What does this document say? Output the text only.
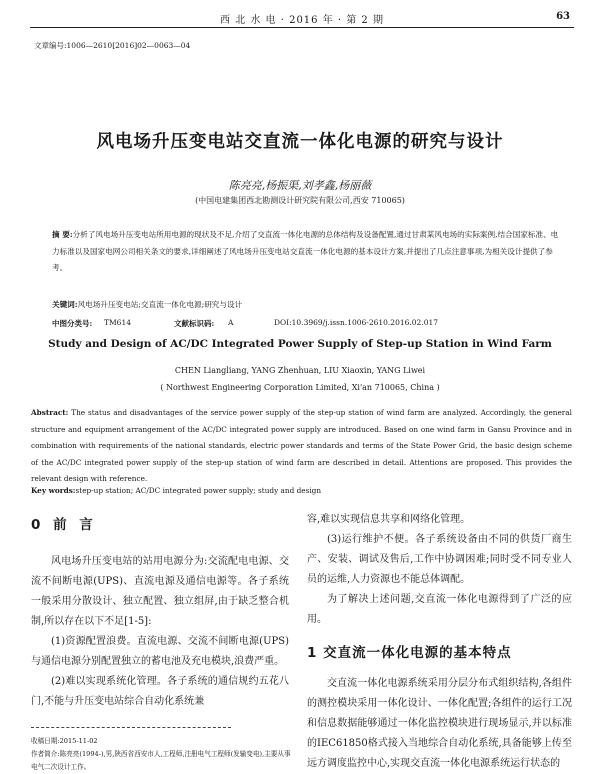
西 北 水 电 · 2016 年 · 第 2 期	63
文章编号:1006—2610[2016]02—0063—04
风电场升压变电站交直流一体化电源的研究与设计
陈亮亮,杨振渠,刘孝鑫,杨丽薇
(中国电建集团西北勘测设计研究院有限公司,西安 710065)
摘 要:分析了风电场升压变电站所用电源的现状及不足,介绍了交直流一体化电源的总体结构及设备配置,通过甘肃某风电场的实际案例,结合国家标准、电力标准以及国家电网公司相关条文的要求,详细阐述了风电场升压变电站交直流一体化电源的基本设计方案,并提出了几点注意事项,为相关设计提供了参考。
关键词:风电场升压变电站;交直流一体化电源;研究与设计
中图分类号: TM614	文献标识码: A	DOI:10.3969/j.issn.1006-2610.2016.02.017
Study and Design of AC/DC Integrated Power Supply of Step-up Station in Wind Farm
CHEN Liangliang, YANG Zhenhuan, LIU Xiaoxin, YANG Liwei
( Northwest Engineering Corporation Limited, Xi'an 710065, China )
Abstract: The status and disadvantages of the service power supply of the step-up station of wind farm are analyzed. Accordingly, the general structure and equipment arrangement of the AC/DC integrated power supply are introduced. Based on one wind farm in Gansu Province and in combination with requirements of the national standards, electric power standards and terms of the State Power Grid, the basic design scheme of the AC/DC integrated power supply of the step-up station of wind farm are described in detail. Attentions are proposed. This provides the relevant design with reference.
Key words:step-up station; AC/DC integrated power supply; study and design
0 前 言

风电场升压变电站的站用电源分为:交流配电电源、交流不间断电源(UPS)、直流电源及通信电源等。各子系统一般采用分散设计、独立配置、独立组屏,由于缺乏整合机制,所以存在以下不足[1-5]:

(1)资源配置浪费。直流电源、交流不间断电源(UPS)与通信电源分别配置独立的蓄电池及充电模块,浪费严重。

(2)难以实现系统化管理。各子系统的通信规约五花八门,不能与升压变电站综合自动化系统兼

容,难以实现信息共享和网络化管理。

(3)运行维护不便。各子系统设备由不同的供货厂商生产、安装、调试及售后,工作中协调困难;同时受不同专业人员的运维,人力资源也不能总体调配。

为了解决上述问题,交直流一体化电源得到了广泛的应用。

1 交直流一体化电源的基本特点

交直流一体化电源系统采用分层分布式组织结构,各组件的测控模块采用一体化设计、一体化配置;各组件的运行工况和信息数据能够通过一体化监控模块进行现场显示,并以标准的IEC61850格式接入当地综合自动化系统,具备能够上传至远方调度监控中心,实现交直流一体化电源系统运行状态的

收稿日期:2015-11-02
作者简介:陈亮亮(1994-),男,陕西省西安市人,工程师,注册电气工程师(发输变电),主要从事电气二次设计工作。
